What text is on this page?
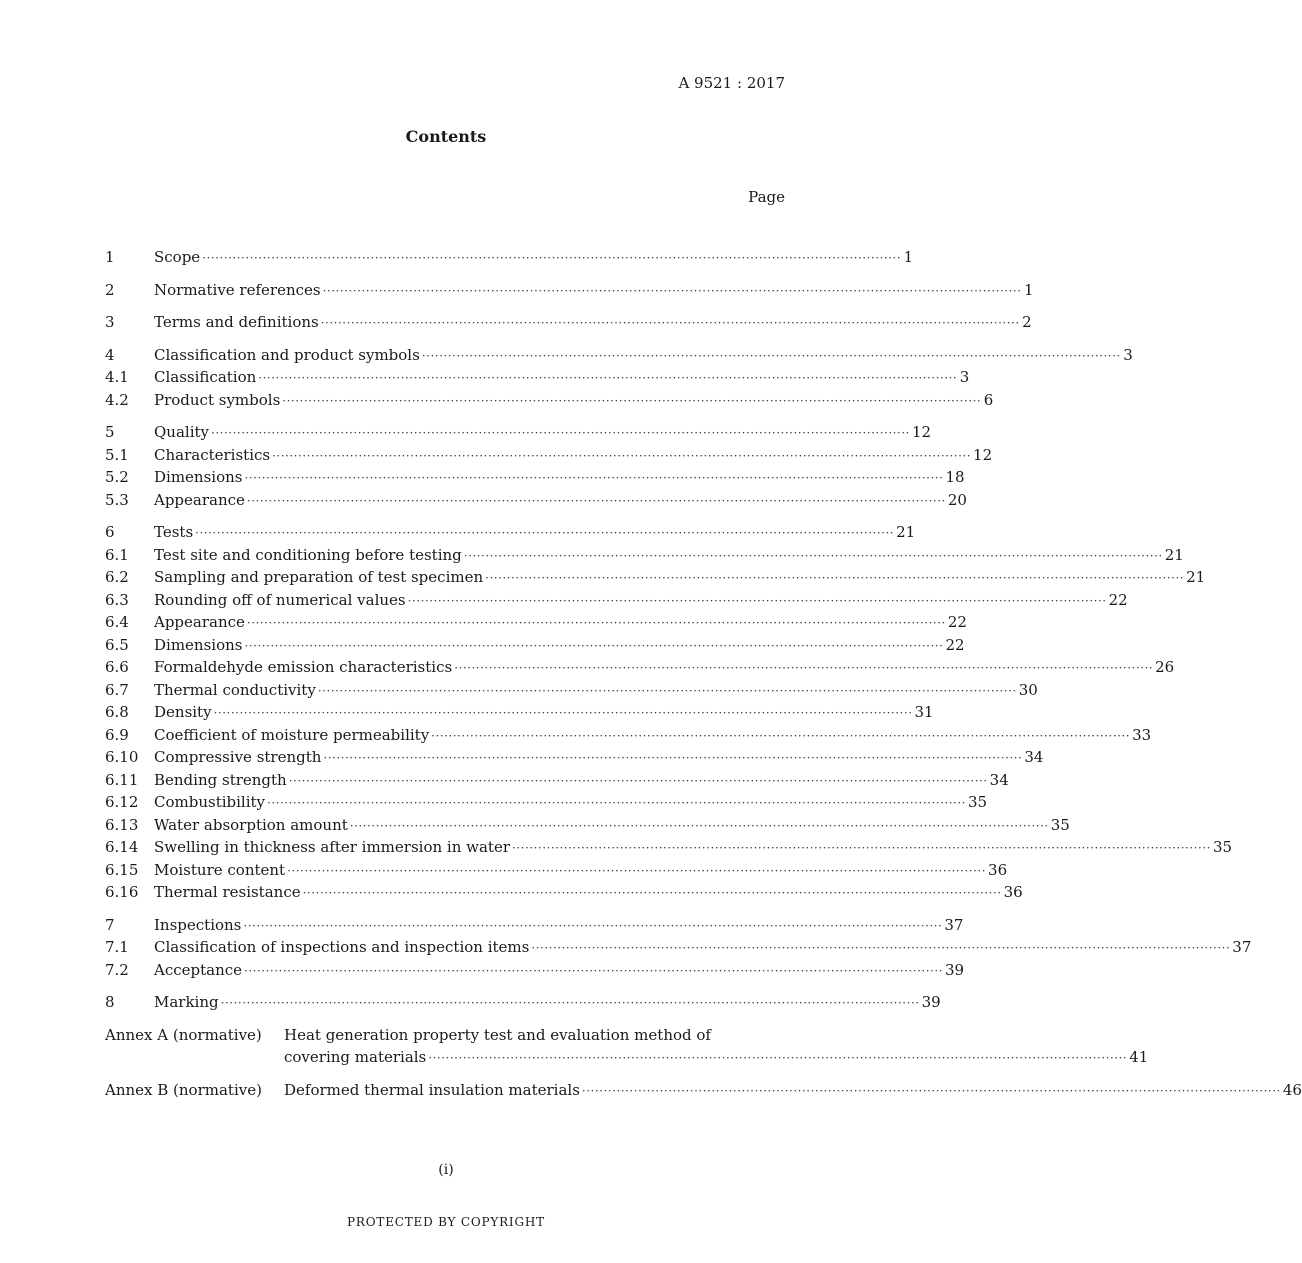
A 9521 : 2017
Contents
Page
1	Scope ·····	1
2	Normative references ·····	1
3	Terms and definitions ·····	2
4	Classification and product symbols ·····	3
4.1	Classification ·····	3
4.2	Product symbols ·····	6
5	Quality ·····	12
5.1	Characteristics ·····	12
5.2	Dimensions ·····	18
5.3	Appearance ·····	20
6	Tests ·····	21
6.1	Test site and conditioning before testing ·····	21
6.2	Sampling and preparation of test specimen ·····	21
6.3	Rounding off of numerical values ·····	22
6.4	Appearance ·····	22
6.5	Dimensions ·····	22
6.6	Formaldehyde emission characteristics ·····	26
6.7	Thermal conductivity ·····	30
6.8	Density ·····	31
6.9	Coefficient of moisture permeability ·····	33
6.10	Compressive strength ·····	34
6.11	Bending strength ·····	34
6.12	Combustibility ·····	35
6.13	Water absorption amount ·····	35
6.14	Swelling in thickness after immersion in water ·····	35
6.15	Moisture content ·····	36
6.16	Thermal resistance ·····	36
7	Inspections ·····	37
7.1	Classification of inspections and inspection items ·····	37
7.2	Acceptance ·····	39
8	Marking ·····	39
Annex A (normative)	Heat generation property test and evaluation method of
covering materials ·····	41
Annex B (normative)	Deformed thermal insulation materials ·····	46
(i)
PROTECTED BY COPYRIGHT
